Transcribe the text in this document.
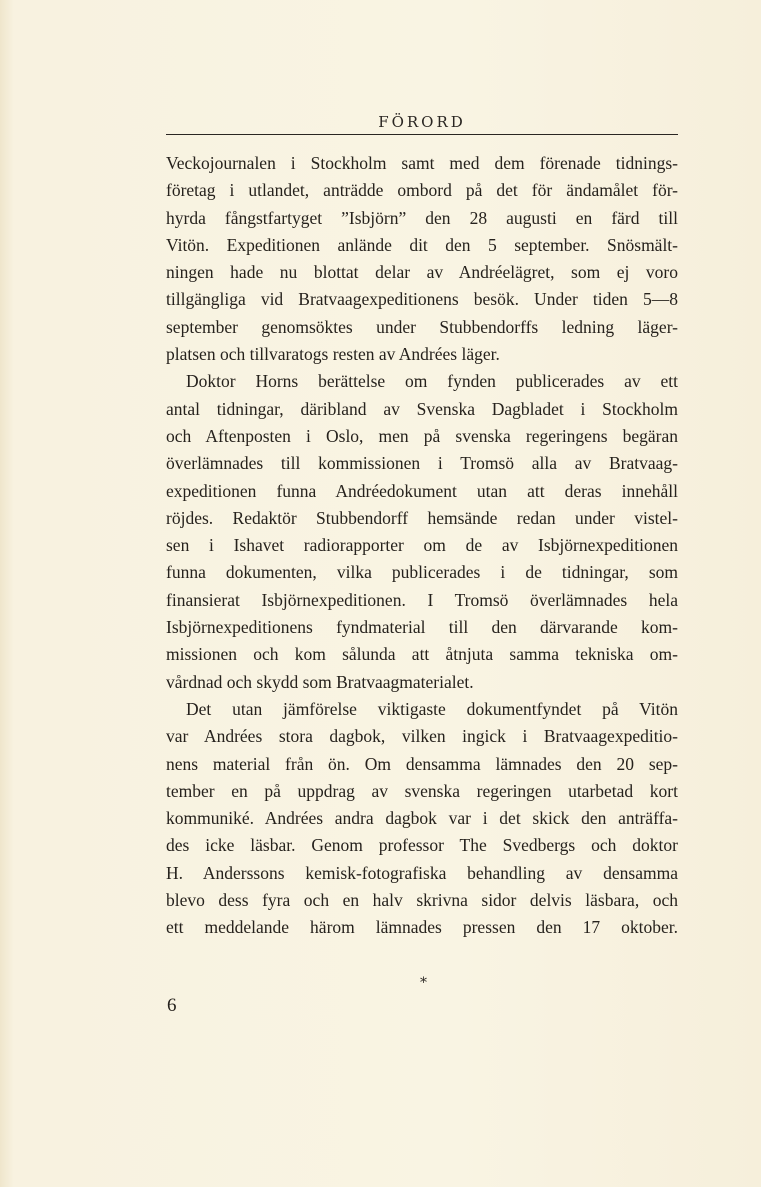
FÖRORD
Veckojournalen i Stockholm samt med dem förenade tidnings-
företag i utlandet, anträdde ombord på det för ändamålet för-
hyrda fångstfartyget ”Isbjörn” den 28 augusti en färd till
Vitön. Expeditionen anlände dit den 5 september. Snösmält-
ningen hade nu blottat delar av Andréelägret, som ej voro
tillgängliga vid Bratvaagexpeditionens besök. Under tiden 5—8
september genomsöktes under Stubbendorffs ledning läger-
platsen och tillvaratogs resten av Andrées läger.
Doktor Horns berättelse om fynden publicerades av ett
antal tidningar, däribland av Svenska Dagbladet i Stockholm
och Aftenposten i Oslo, men på svenska regeringens begäran
överlämnades till kommissionen i Tromsö alla av Bratvaag-
expeditionen funna Andréedokument utan att deras innehåll
röjdes. Redaktör Stubbendorff hemsände redan under vistel-
sen i Ishavet radiorapporter om de av Isbjörnexpeditionen
funna dokumenten, vilka publicerades i de tidningar, som
finansierat Isbjörnexpeditionen. I Tromsö överlämnades hela
Isbjörnexpeditionens fyndmaterial till den därvarande kom-
missionen och kom sålunda att åtnjuta samma tekniska om-
vårdnad och skydd som Bratvaagmaterialet.
Det utan jämförelse viktigaste dokumentfyndet på Vitön
var Andrées stora dagbok, vilken ingick i Bratvaagexpeditio-
nens material från ön. Om densamma lämnades den 20 sep-
tember en på uppdrag av svenska regeringen utarbetad kort
kommuniké. Andrées andra dagbok var i det skick den anträffa-
des icke läsbar. Genom professor The Svedbergs och doktor
H. Anderssons kemisk-fotografiska behandling av densamma
blevo dess fyra och en halv skrivna sidor delvis läsbara, och
ett meddelande härom lämnades pressen den 17 oktober.
*
6
